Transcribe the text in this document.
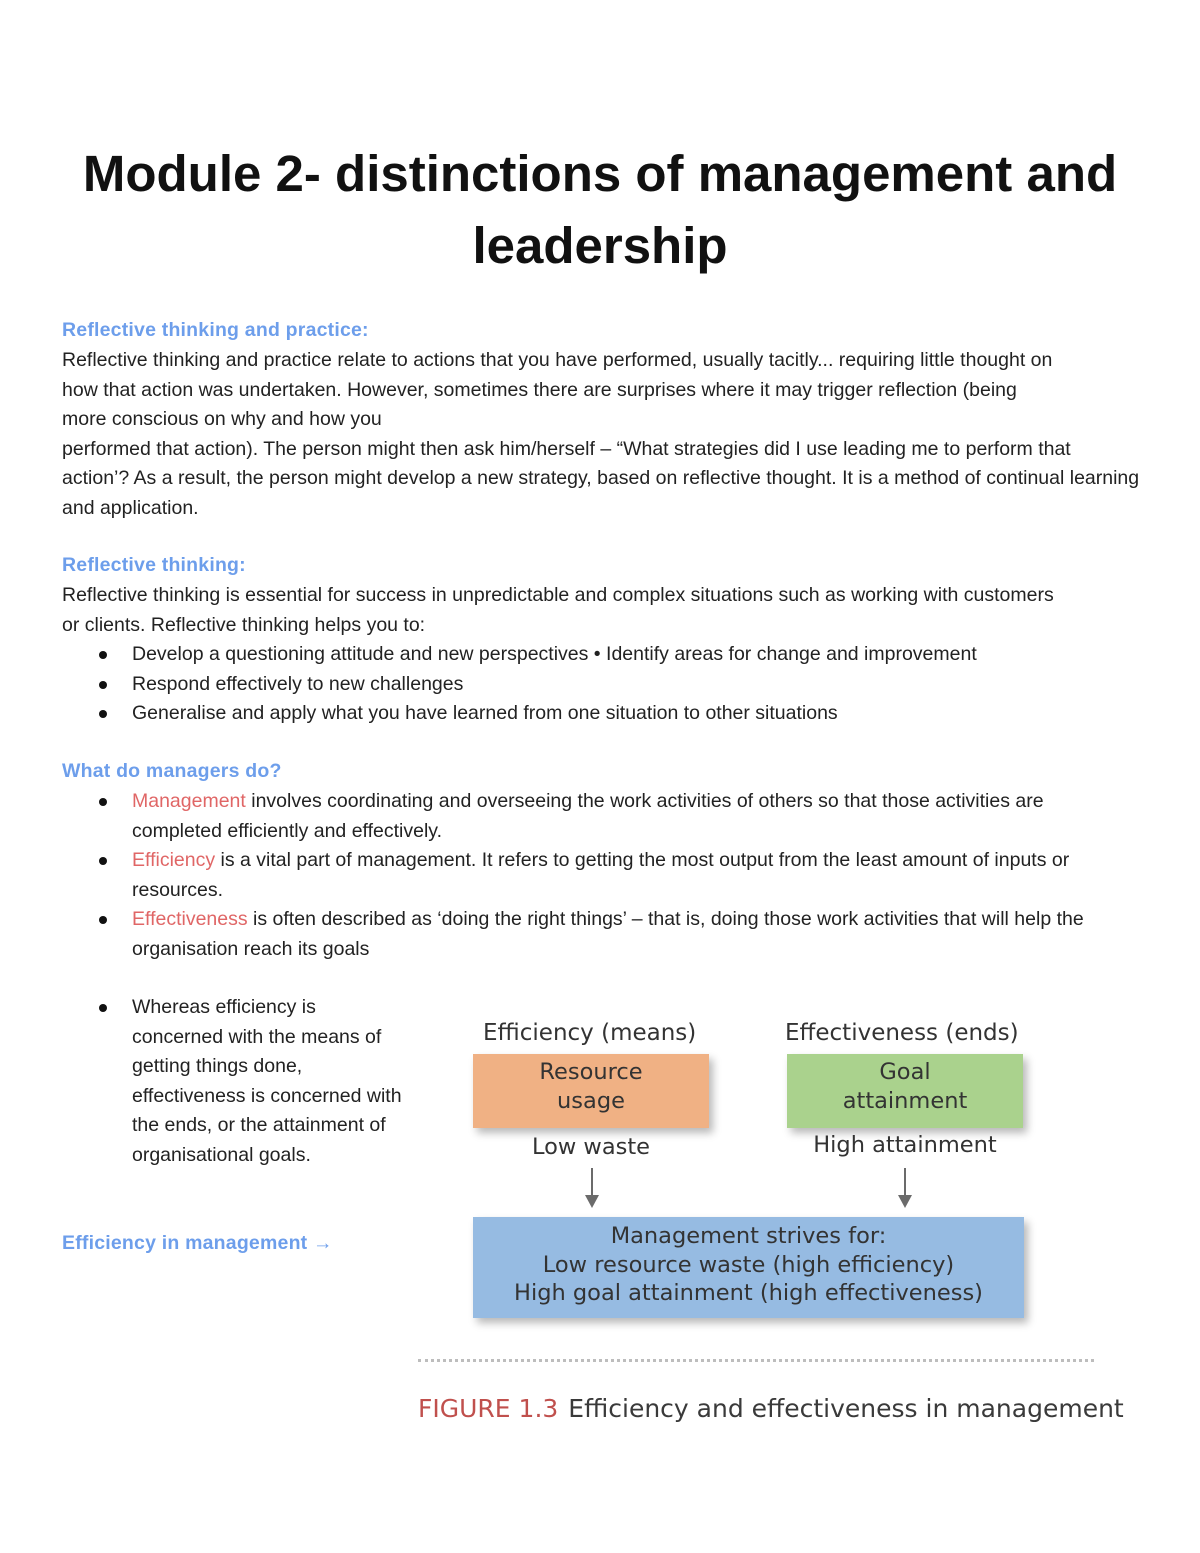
Module 2- distinctions of management and leadership
Reflective thinking and practice:

Reflective thinking and practice relate to actions that you have performed, usually tacitly... requiring little thought on how that action was undertaken. However, sometimes there are surprises where it may trigger reflection (being more conscious on why and how you

performed that action). The person might then ask him/herself – “What strategies did I use leading me to perform that action’? As a result, the person might develop a new strategy, based on reflective thought. It is a method of continual learning and application.

Reflective thinking:
Reflective thinking is essential for success in unpredictable and complex situations such as working with customers or clients. Reflective thinking helps you to:
Develop a questioning attitude and new perspectives • Identify areas for change and improvement
Respond effectively to new challenges
Generalise and apply what you have learned from one situation to other situations
What do managers do?
Management involves coordinating and overseeing the work activities of others so that those activities are completed efficiently and effectively.
Efficiency is a vital part of management. It refers to getting the most output from the least amount of inputs or resources.
Effectiveness is often described as ‘doing the right things’ – that is, doing those work activities that will help the organisation reach its goals
Whereas efficiency is concerned with the means of getting things done, effectiveness is concerned with the ends, or the attainment of organisational goals.
Efficiency in management →
Efficiency (means)	Effectiveness (ends)
Resource
usage
Goal
attainment
Low waste	High attainment
Management strives for:
Low resource waste (high efficiency)
High goal attainment (high effectiveness)
FIGURE 1.3 Efficiency and effectiveness in management
